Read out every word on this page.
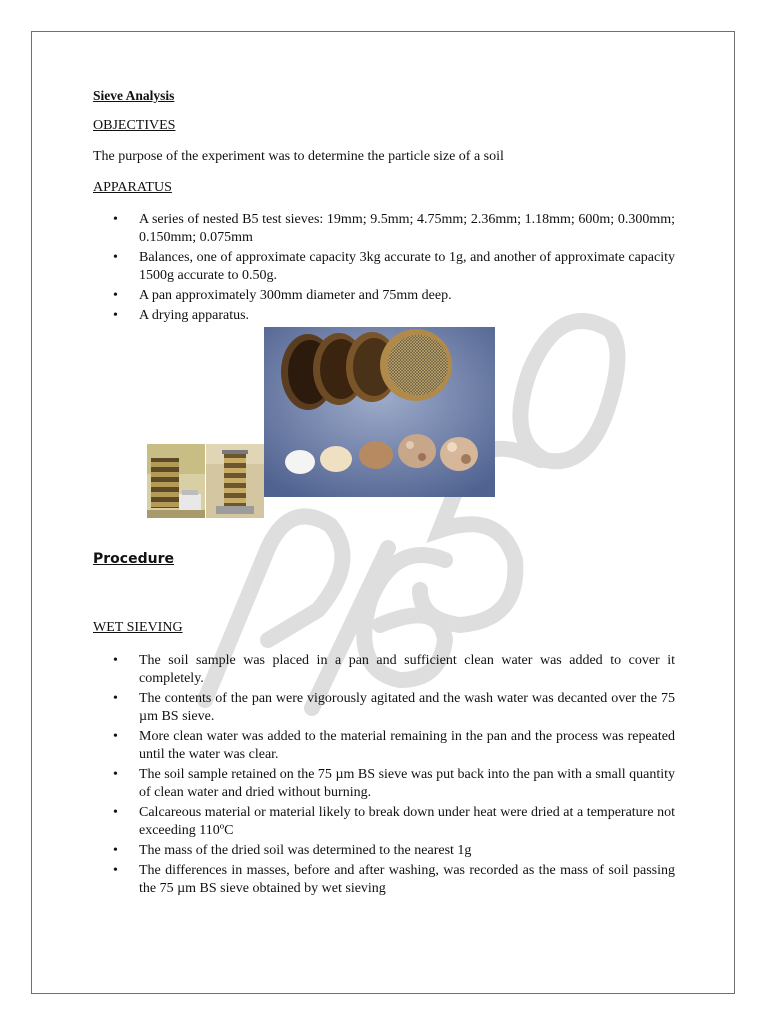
Sieve Analysis

OBJECTIVES

The purpose of the experiment was to determine the particle size of a soil

APPARATUS

• A series of nested B5 test sieves: 19mm; 9.5mm; 4.75mm; 2.36mm; 1.18mm; 600m; 0.300mm; 0.150mm; 0.075mm
• Balances, one of approximate capacity 3kg accurate to 1g, and another of approximate capacity 1500g accurate to 0.50g.
• A pan approximately 300mm diameter and 75mm deep.
• A drying apparatus.

Procedure

WET SIEVING

• The soil sample was placed in a pan and sufficient clean water was added to cover it completely.
• The contents of the pan were vigorously agitated and the wash water was decanted over the 75 µm BS sieve.
• More clean water was added to the material remaining in the pan and the process was repeated until the water was clear.
• The soil sample retained on the 75 µm BS sieve was put back into the pan with a small quantity of clean water and dried without burning.
• Calcareous material or material likely to break down under heat were dried at a temperature not exceeding 110ºC
• The mass of the dried soil was determined to the nearest 1g
• The differences in masses, before and after washing, was recorded as the mass of soil passing the 75 µm BS sieve obtained by wet sieving
